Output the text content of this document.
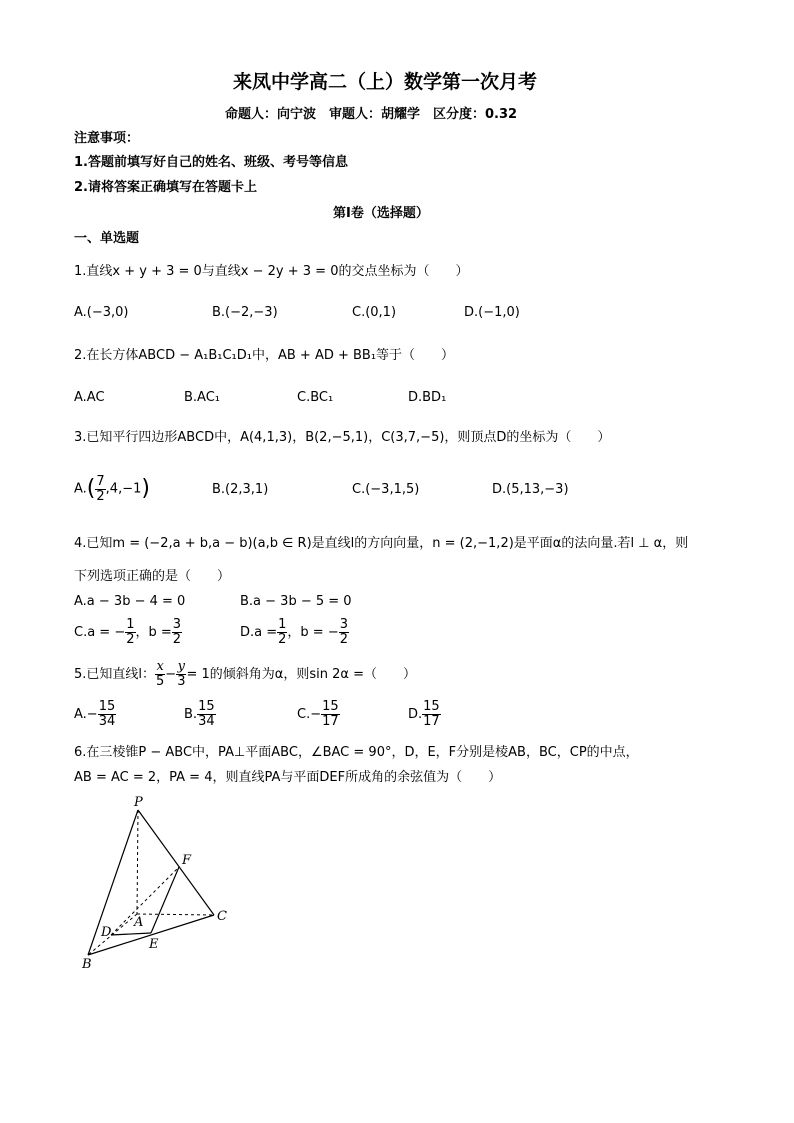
来凤中学高二（上）数学第一次月考
命题人：向宁波　审题人：胡耀学　区分度：0.32
注意事项：
1.答题前填写好自己的姓名、班级、考号等信息
2.请将答案正确填写在答题卡上
第Ⅰ卷（选择题）
一、单选题
1.直线x + y + 3 = 0与直线x − 2y + 3 = 0的交点坐标为（　　）
A.(−3,0)	B.(−2,−3)	C.(0,1)	D.(−1,0)
2.在长方体ABCD − A₁B₁C₁D₁中，AB + AD + BB₁等于（　　）
A.AC	B.AC₁	C.BC₁	D.BD₁
3.已知平行四边形ABCD中，A(4,1,3)，B(2,−5,1)，C(3,7,−5)，则顶点D的坐标为（　　）
$A.( \frac{7}{2} ,4,-1)$	B.(2,3,1)	C.(−3,1,5)	D.(5,13,−3)
4.已知m = (−2,a + b,a − b)(a,b ∈ R)是直线l的方向向量，n = (2,−1,2)是平面α的法向量.若l ⊥ α，则
下列选项正确的是（　　）
A.a − 3b − 4 = 0	B.a − 3b − 5 = 0
C.a = − $\frac{1}{2}$ ，$b = \frac{3}{2}$	$D.a = \frac{1}{2}$ ，b = − $\frac{3}{2}$
5.已知直线l： $\frac{x}{5} - \frac{y}{3} = 1$的倾斜角为α，则sin 2α =（　　）
$A.- \frac{15}{34}$	B. $\frac{15}{34}$	$C.- \frac{15}{17}$	D. $\frac{15}{17}$
6.在三棱锥P − ABC中，PA⊥平面ABC，∠BAC = 90°，D，E，F分别是棱AB，BC，CP的中点，
AB = AC = 2，PA = 4，则直线PA与平面DEF所成角的余弦值为（　　）
P
F
A	C
D
E
B
